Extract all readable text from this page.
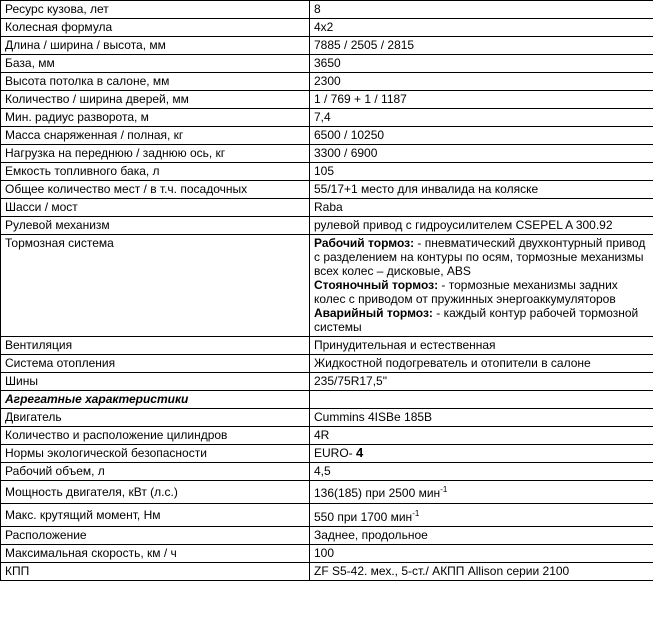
Ресурс кузова, лет	8
Колесная формула	4x2
Длина / ширина / высота, мм	7885 / 2505 / 2815
База, мм	3650
Высота потолка в салоне, мм	2300
Количество / ширина дверей, мм	1 / 769 + 1 / 1187
Мин. радиус разворота, м	7,4
Масса снаряженная / полная, кг	6500 / 10250
Нагрузка на переднюю / заднюю ось, кг	3300 / 6900
Емкость топливного бака, л	105
Общее количество мест / в т.ч. посадочных	55/17+1 место для инвалида на коляске
Шасси / мост	Raba
Рулевой механизм	рулевой привод с гидроусилителем CSEPEL A 300.92
Тормозная система	Рабочий тормоз: - пневматический двухконтурный привод с разделением на контуры по осям, тормозные механизмы всех колес – дисковые, ABS
Стояночный тормоз: - тормозные механизмы задних колес с приводом от пружинных энергоаккумуляторов
Аварийный тормоз: - каждый контур рабочей тормозной системы
Вентиляция	Принудительная и естественная
Система отопления	Жидкостной подогреватель и отопители в салоне
Шины	235/75R17,5"
Агрегатные характеристики	
Двигатель	Cummins 4ISBe 185B
Количество и расположение цилиндров	4R
Нормы экологической безопасности	EURO- 4
Рабочий объем, л	4,5
Мощность двигателя, кВт (л.с.)	136(185) при 2500 мин$^{-1}$
Макс. крутящий момент, Нм	550 при 1700 мин$^{-1}$
Расположение	Заднее, продольное
Максимальная скорость, км / ч	100
КПП	ZF S5-42. мех., 5-ст./ АКПП Allison серии 2100
